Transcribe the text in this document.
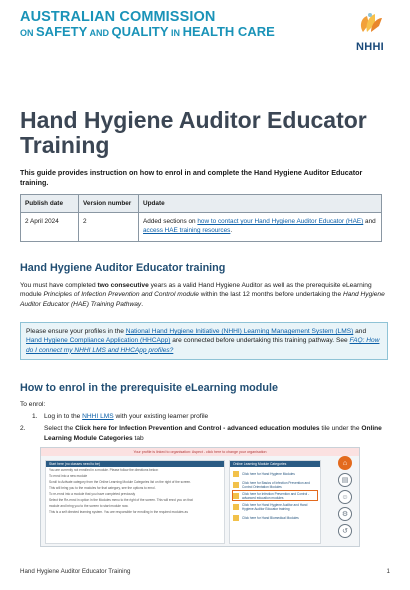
AUSTRALIAN COMMISSION
ON SAFETY AND QUALITY IN HEALTH CARE
NHHI
Hand Hygiene Auditor Educator Training
This guide provides instruction on how to enrol in and complete the Hand Hygiene Auditor Educator training.
Publish date	Version number	Update
2 April 2024	2	Added sections on how to contact your Hand Hygiene Auditor Educator (HAE) and access HAE training resources.
Hand Hygiene Auditor Educator training
You must have completed two consecutive years as a valid Hand Hygiene Auditor as well as the prerequisite eLearning module Principles of Infection Prevention and Control module within the last 12 months before undertaking the Hand Hygiene Auditor Educator (HAE) Training Pathway.
Please ensure your profiles in the National Hand Hygiene Initiative (NHHI) Learning Management System (LMS) and Hand Hygiene Compliance Application (HHCApp) are connected before undertaking this training pathway. See FAQ: How do I connect my NHHI LMS and HHCApp profiles?
How to enrol in the prerequisite eLearning module
To enrol:
1. Log in to the NHHI LMS with your existing learner profile
2.	Select the Click here for Infection Prevention and Control - advanced education modules tile under the Online Learning Module Categories tab
Your profile is linked to organisation: Aspect - click here to change your organisation
Start here (no classes need to be)
You are currently not enrolled in a module. Please follow the directions below:
To enrol into a new module
Scroll to Activate category from the Online Learning Module Categories list on the right of the screen.
This will bring you to the modules for that category, see the options to enrol.
To re-enrol into a module that you have completed previously
Select the Re-enrol in option in the Modules menu to the right of the screen. This will enrol you on that
module and bring you to the screen to start module now.
This is a self directed learning system. You are responsible for enrolling in the required modules as
Online Learning Module Categories
Click here for Hand Hygiene Modules
Click here for Basics of Infection Prevention and Control Orientation Modules
Click here for Infection Prevention and Control - advanced education modules
Click here for Hand Hygiene Auditor and Hand Hygiene Auditor Educator training
Click here for Hand Biomedical Modules
⌂
▤
☺
⚙
↺
Hand Hygiene Auditor Educator Training	1
